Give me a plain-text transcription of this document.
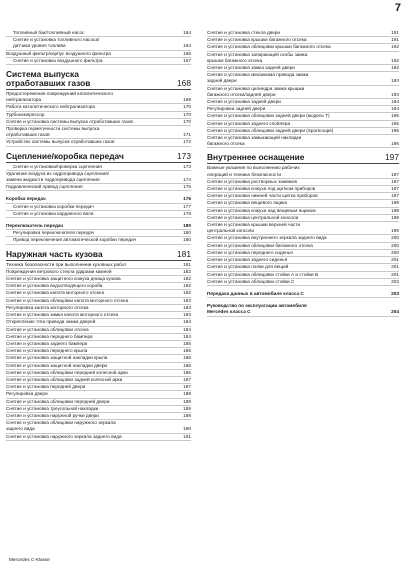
7
Топливный бак/топливный насос	164
Снятие и установка топливного насоса/
датчика уровня топлива	164
Воздушный фильтр/корпус воздушного фильтра	166
Снятие и установка воздушного фильтра	167
Система выпуска
отработавших газов	168
Предостережение повреждений каталитического
нейтрализатора	169
Работа каталитического нейтрализатора	170
Турбокомпрессор	170
Снятие и установка системы выпуска отработавших газов	170
Проверка герметичности системы выпуска
отработавших газов	171
Устройство системы выпуска отработавших газов	172
Сцепление/коробка передач	173
Снятие и установка/проверка сцепления	173
Удаление воздуха из гидропривода сцепления/
замена жидкости гидропривода сцепления	174
Гидравлический привод сцепления	175
Коробка передач	176
Снятие и установка коробки передач	177
Снятие и установка карданного вала	178
Переключатель передач	180
Регулировка переключателя передач	180
Привод переключения автоматической коробки передач	180
Наружная часть кузова	181
Техника безопасности при выполнении кузовных работ	181
Повреждения ветрового стекла ударами камней	182
Снятие и установка защитного кожуха днища кузова	182
Снятие и установка водоотводящего короба	182
Снятие и установка капота моторного отсека	182
Снятие и установка облицовки капота моторного отсека	183
Регулировка капота моторного отсека	183
Снятие и установка замка капота моторного отсека	183
Открепление тяги привода замка дверей	184
Снятие и установка облицовки отсека	184
Снятие и установка переднего бампера	184
Снятие и установка заднего бампера	185
Снятие и установка переднего крыла	185
Снятие и установка защитной накладки крыла	186
Снятие и установка защитной накладки двери	186
Снятие и установка облицовки передней колесной арки	186
Снятие и установка облицовки задней колесной арки	187
Снятие и установка передней двери	187
Регулировка двери	188
Снятие и установка облицовки передней двери	188
Снятие и установка треугольной накладки	189
Снятие и установка наружной ручки двери	189
Снятие и установка облицовки наружного зеркала
заднего вида	190
Снятие и установка наружного зеркала заднего вида	191
Снятие и установка стекла двери	191
Снятие и установка крышки багажного отсека	191
Снятие и установка облицовки крышки багажного отсека	192
Снятие и установка запирающей скобы замка
крышки багажного отсека	192
Снятие и установка замка задней двери	192
Снятие и установка механизма привода замка
задней двери	193
Снятие и установка цилиндра замка крышки
багажного отсека/задней двери	193
Снятие и установка задней двери	194
Регулировка задней двери	194
Снятие и установка облицовки задней двери (модель T)	195
Снятие и установка заднего спойлера	195
Снятие и установка облицовки задней двери (Sportcoupé)	196
Снятие и установка замыкающей накладки
багажного отсека	196
Внутреннее оснащение	197
Важные указания по выполнению рабочих
операций и техника безопасности	197
Снятие и установка ростворных зажимов	197
Снятие и установка кожуха под щитком приборов	197
Снятие и установка нижней части щитка приборов	197
Снятие и установка вещевого ящика	198
Снятие и установка кожуха над вещевым ящиком	198
Снятие и установка центральной консоли	198
Снятие и установка крышки верхней части
центральной консоли	199
Снятие и установка внутреннего зеркала заднего вида	200
Снятие и установка облицовки багажного отсека	200
Снятие и установка переднего сиденья	200
Снятие и установка заднего сиденья	201
Снятие и установка полки для вещей	201
Снятие и установка облицовки стойки А и стойки В	201
Снятие и установка облицовки стойки С	202
Передача данных в автомобиле класса С	203
Руководство по эксплуатации автомобиля
Mercedes класса С	204
Mercedes C-Klasse
